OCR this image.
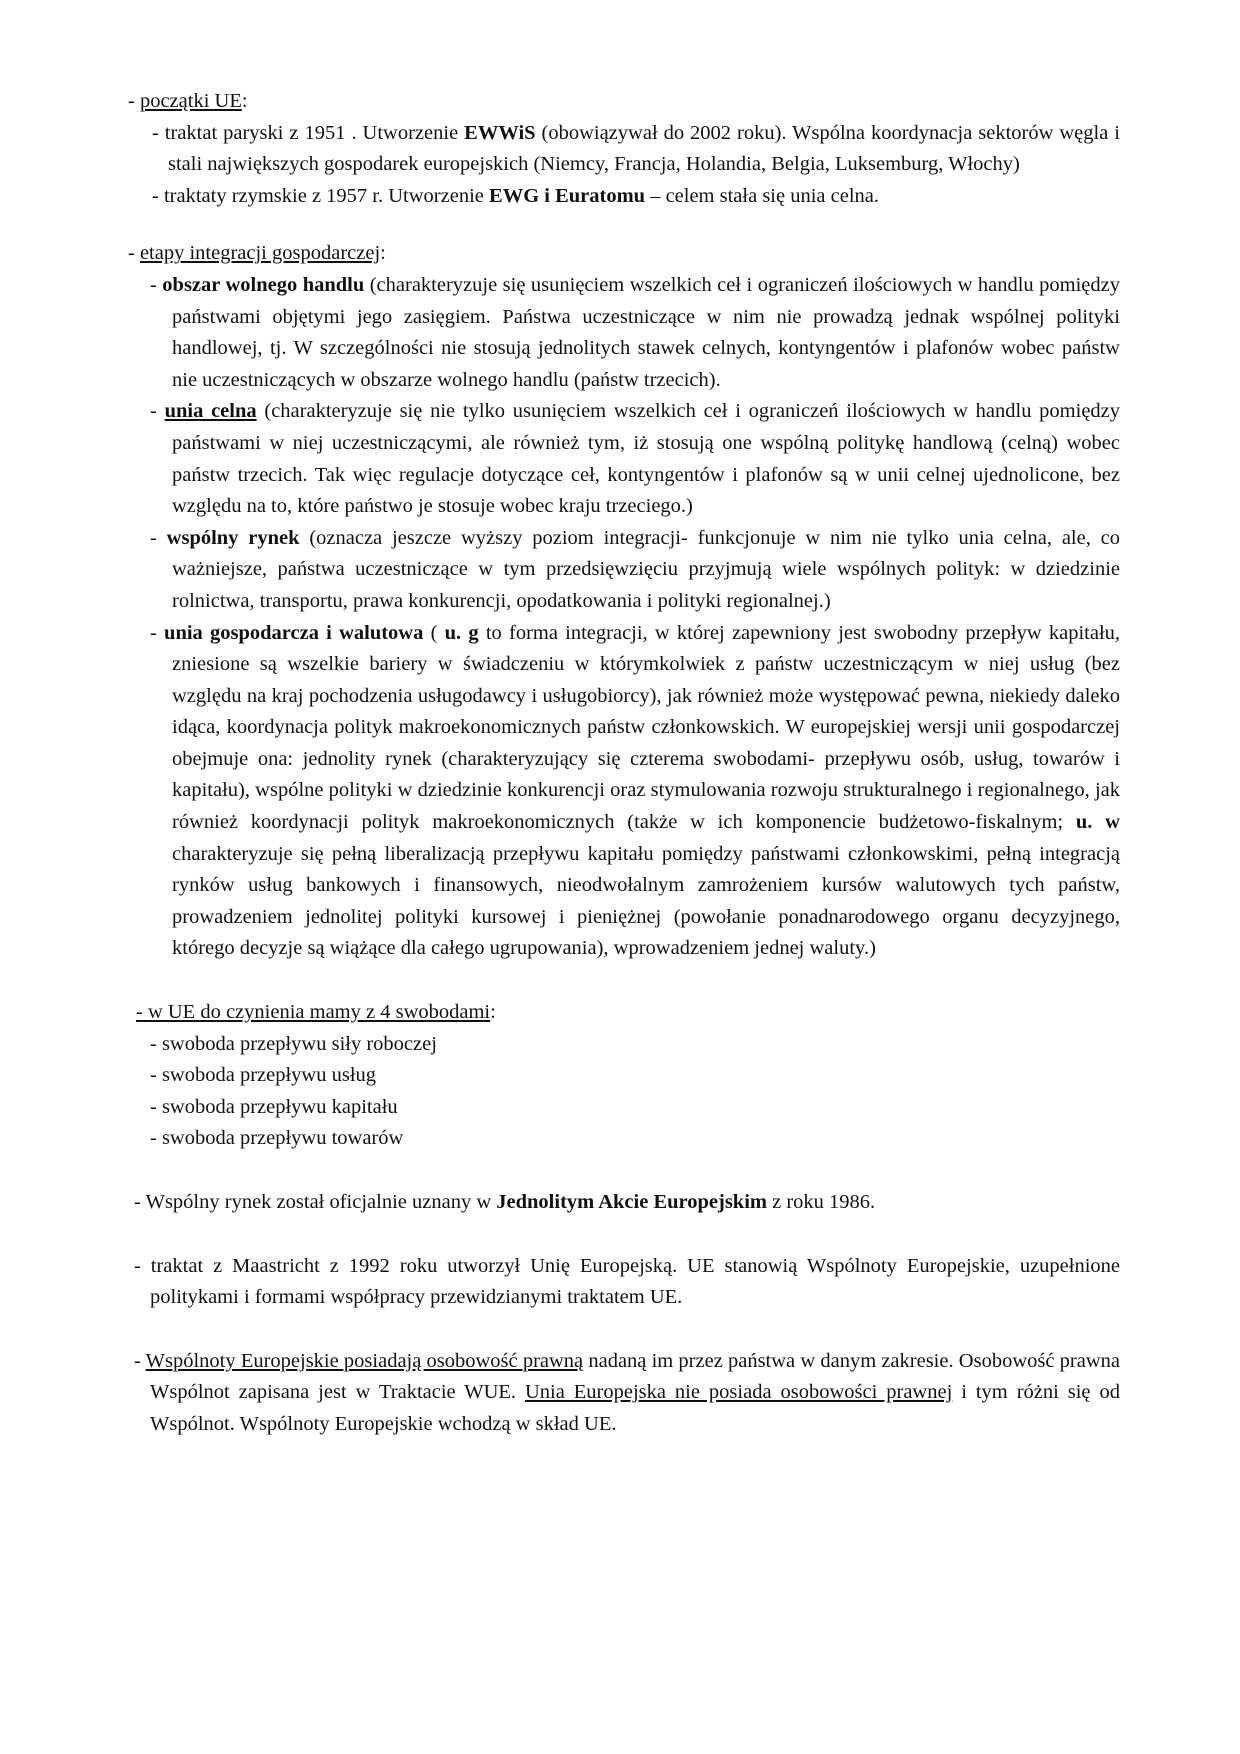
- początki UE:

- traktat paryski z 1951 . Utworzenie EWWiS (obowiązywał do 2002 roku). Wspólna koordynacja sektorów węgla i stali największych gospodarek europejskich (Niemcy, Francja, Holandia, Belgia, Luksemburg, Włochy)

- traktaty rzymskie z 1957 r. Utworzenie EWG i Euratomu – celem stała się unia celna.

- etapy integracji gospodarczej:

- obszar wolnego handlu (charakteryzuje się usunięciem wszelkich ceł i ograniczeń ilościowych w handlu pomiędzy państwami objętymi jego zasięgiem. Państwa uczestniczące w nim nie prowadzą jednak wspólnej polityki handlowej, tj. W szczególności nie stosują jednolitych stawek celnych, kontyngentów i plafonów wobec państw nie uczestniczących w obszarze wolnego handlu (państw trzecich).

- unia celna (charakteryzuje się nie tylko usunięciem wszelkich ceł i ograniczeń ilościowych w handlu pomiędzy państwami w niej uczestniczącymi, ale również tym, iż stosują one wspólną politykę handlową (celną) wobec państw trzecich. Tak więc regulacje dotyczące ceł, kontyngentów i plafonów są w unii celnej ujednolicone, bez względu na to, które państwo je stosuje wobec kraju trzeciego.)

- wspólny rynek (oznacza jeszcze wyższy poziom integracji- funkcjonuje w nim nie tylko unia celna, ale, co ważniejsze, państwa uczestniczące w tym przedsięwzięciu przyjmują wiele wspólnych polityk: w dziedzinie rolnictwa, transportu, prawa konkurencji, opodatkowania i polityki regionalnej.)

- unia gospodarcza i walutowa ( u. g to forma integracji, w której zapewniony jest swobodny przepływ kapitału, zniesione są wszelkie bariery w świadczeniu w którymkolwiek z państw uczestniczącym w niej usług (bez względu na kraj pochodzenia usługodawcy i usługobiorcy), jak również może występować pewna, niekiedy daleko idąca, koordynacja polityk makroekonomicznych państw członkowskich. W europejskiej wersji unii gospodarczej obejmuje ona: jednolity rynek (charakteryzujący się czterema swobodami- przepływu osób, usług, towarów i kapitału), wspólne polityki w dziedzinie konkurencji oraz stymulowania rozwoju strukturalnego i regionalnego, jak również koordynacji polityk makroekonomicznych (także w ich komponencie budżetowo-fiskalnym; u. w charakteryzuje się pełną liberalizacją przepływu kapitału pomiędzy państwami członkowskimi, pełną integracją rynków usług bankowych i finansowych, nieodwołalnym zamrożeniem kursów walutowych tych państw, prowadzeniem jednolitej polityki kursowej i pieniężnej (powołanie ponadnarodowego organu decyzyjnego, którego decyzje są wiążące dla całego ugrupowania), wprowadzeniem jednej waluty.)

- w UE do czynienia mamy z 4 swobodami:

- swoboda przepływu siły roboczej

- swoboda przepływu usług

- swoboda przepływu kapitału

- swoboda przepływu towarów

- Wspólny rynek został oficjalnie uznany w Jednolitym Akcie Europejskim z roku 1986.

- traktat z Maastricht z 1992 roku utworzył Unię Europejską. UE stanowią Wspólnoty Europejskie, uzupełnione politykami i formami współpracy przewidzianymi traktatem UE.

- Wspólnoty Europejskie posiadają osobowość prawną nadaną im przez państwa w danym zakresie. Osobowość prawna Wspólnot zapisana jest w Traktacie WUE. Unia Europejska nie posiada osobowości prawnej i tym różni się od Wspólnot. Wspólnoty Europejskie wchodzą w skład UE.
